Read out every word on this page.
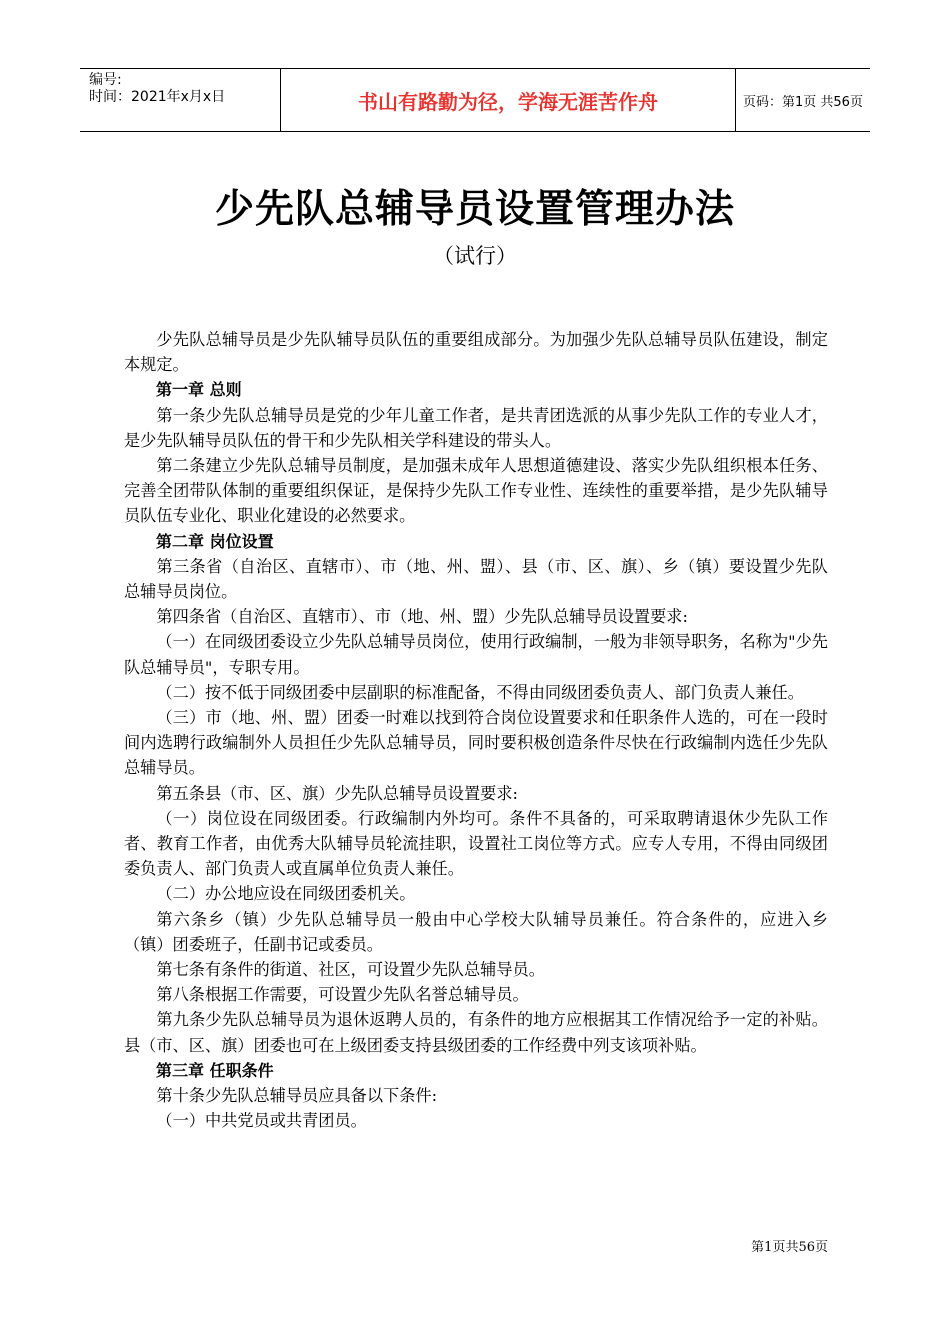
编号:
时间：2021年x月x日	书山有路勤为径，学海无涯苦作舟	页码：第1页 共56页
少先队总辅导员设置管理办法
（试行）

少先队总辅导员是少先队辅导员队伍的重要组成部分。为加强少先队总辅导员队伍建设，制定本规定。

第一章 总则

第一条少先队总辅导员是党的少年儿童工作者，是共青团选派的从事少先队工作的专业人才，是少先队辅导员队伍的骨干和少先队相关学科建设的带头人。

第二条建立少先队总辅导员制度，是加强未成年人思想道德建设、落实少先队组织根本任务、完善全团带队体制的重要组织保证，是保持少先队工作专业性、连续性的重要举措，是少先队辅导员队伍专业化、职业化建设的必然要求。

第二章 岗位设置

第三条省（自治区、直辖市）、市（地、州、盟）、县（市、区、旗）、乡（镇）要设置少先队总辅导员岗位。

第四条省（自治区、直辖市）、市（地、州、盟）少先队总辅导员设置要求:

（一）在同级团委设立少先队总辅导员岗位，使用行政编制，一般为非领导职务，名称为"少先队总辅导员"，专职专用。

（二）按不低于同级团委中层副职的标准配备，不得由同级团委负责人、部门负责人兼任。

（三）市（地、州、盟）团委一时难以找到符合岗位设置要求和任职条件人选的，可在一段时间内选聘行政编制外人员担任少先队总辅导员，同时要积极创造条件尽快在行政编制内选任少先队总辅导员。

第五条县（市、区、旗）少先队总辅导员设置要求:

（一）岗位设在同级团委。行政编制内外均可。条件不具备的，可采取聘请退休少先队工作者、教育工作者，由优秀大队辅导员轮流挂职，设置社工岗位等方式。应专人专用，不得由同级团委负责人、部门负责人或直属单位负责人兼任。

（二）办公地应设在同级团委机关。

第六条乡（镇）少先队总辅导员一般由中心学校大队辅导员兼任。符合条件的，应进入乡（镇）团委班子，任副书记或委员。

第七条有条件的街道、社区，可设置少先队总辅导员。

第八条根据工作需要，可设置少先队名誉总辅导员。

第九条少先队总辅导员为退休返聘人员的，有条件的地方应根据其工作情况给予一定的补贴。县（市、区、旗）团委也可在上级团委支持县级团委的工作经费中列支该项补贴。

第三章 任职条件

第十条少先队总辅导员应具备以下条件:

（一）中共党员或共青团员。

第1页共56页
